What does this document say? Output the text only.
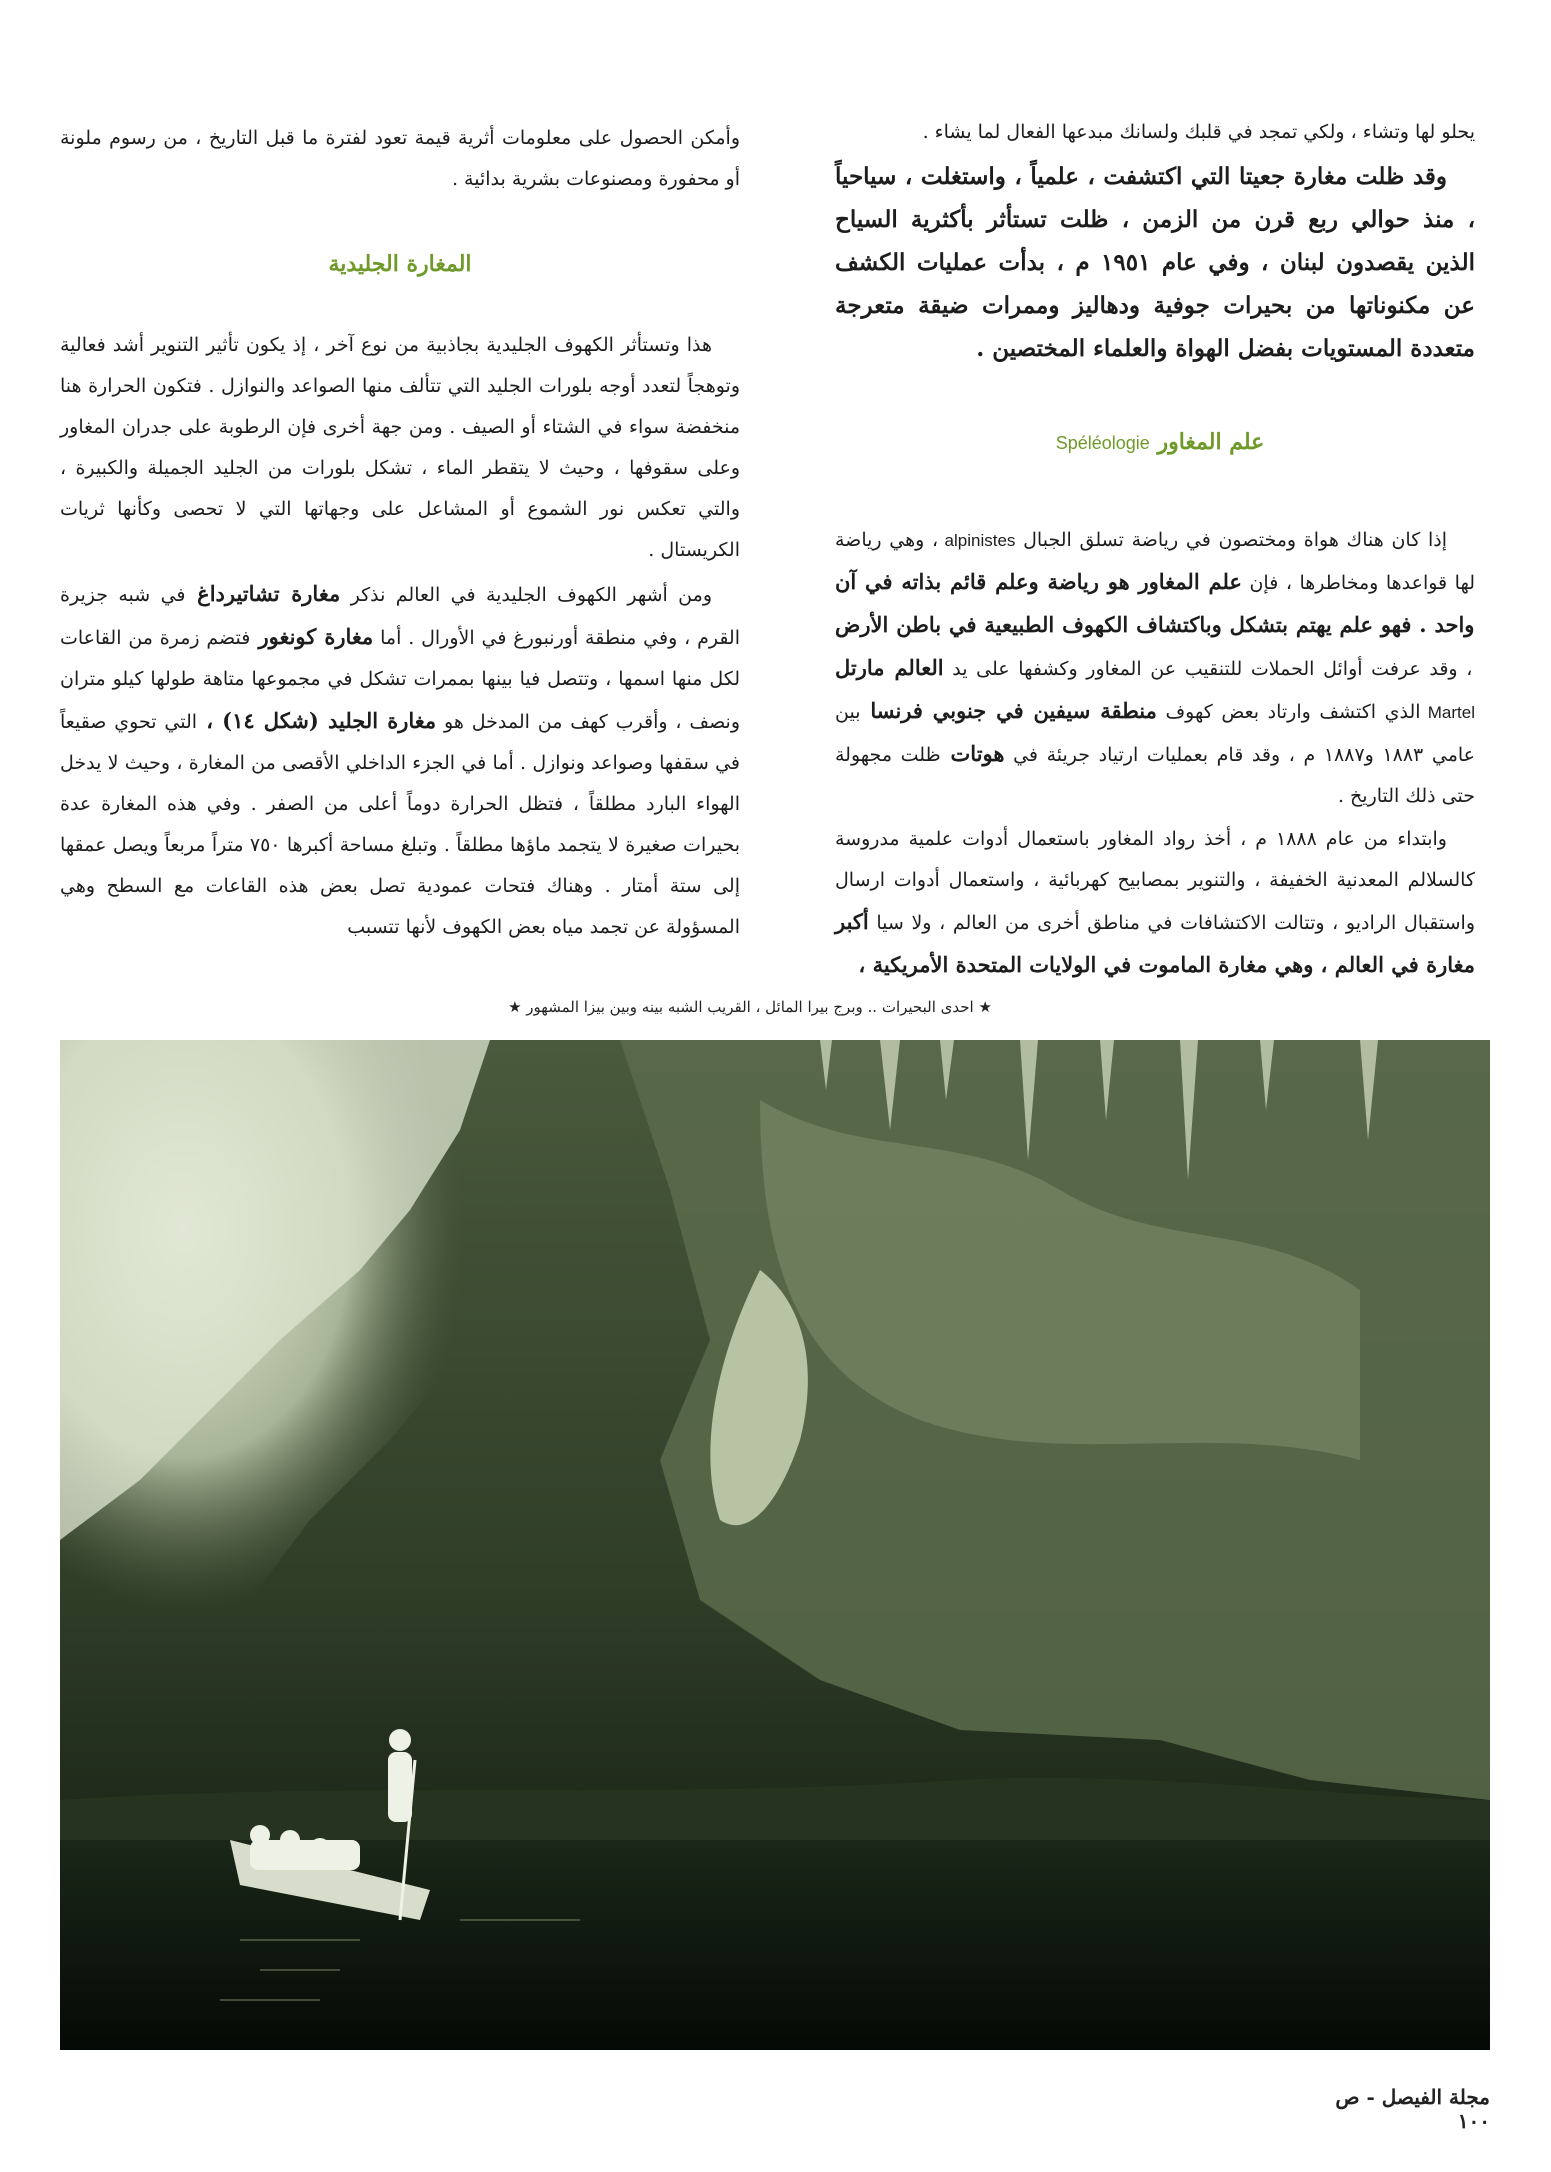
يحلو لها وتشاء ، ولكي تمجد في قلبك ولسانك مبدعها الفعال لما يشاء .

وقد ظلت مغارة جعيتا التي اكتشفت ، علمياً ، واستغلت ، سياحياً ، منذ حوالي ربع قرن من الزمن ، ظلت تستأثر بأكثرية السياح الذين يقصدون لبنان ، وفي عام ١٩٥١ م ، بدأت عمليات الكشف عن مكنوناتها من بحيرات جوفية ودهاليز وممرات ضيقة متعرجة متعددة المستويات بفضل الهواة والعلماء المختصين .

علم المغاور Spéléologie

إذا كان هناك هواة ومختصون في رياضة تسلق الجبال alpinistes ، وهي رياضة لها قواعدها ومخاطرها ، فإن علم المغاور هو رياضة وعلم قائم بذاته في آن واحد . فهو علم يهتم بتشكل وباكتشاف الكهوف الطبيعية في باطن الأرض ، وقد عرفت أوائل الحملات للتنقيب عن المغاور وكشفها على يد العالم مارتل Martel الذي اكتشف وارتاد بعض كهوف منطقة سيفين في جنوبي فرنسا بين عامي ١٨٨٣ و١٨٨٧ م ، وقد قام بعمليات ارتياد جريئة في هوتات ظلت مجهولة حتى ذلك التاريخ .

وابتداء من عام ١٨٨٨ م ، أخذ رواد المغاور باستعمال أدوات علمية مدروسة كالسلالم المعدنية الخفيفة ، والتنوير بمصابيح كهربائية ، واستعمال أدوات ارسال واستقبال الراديو ، وتتالت الاكتشافات في مناطق أخرى من العالم ، ولا سيا أكبر مغارة في العالم ، وهي مغارة الماموت في الولايات المتحدة الأمريكية ،

وأمكن الحصول على معلومات أثرية قيمة تعود لفترة ما قبل التاريخ ، من رسوم ملونة أو محفورة ومصنوعات بشرية بدائية .

المغارة الجليدية

هذا وتستأثر الكهوف الجليدية بجاذبية من نوع آخر ، إذ يكون تأثير التنوير أشد فعالية وتوهجاً لتعدد أوجه بلورات الجليد التي تتألف منها الصواعد والنوازل . فتكون الحرارة هنا منخفضة سواء في الشتاء أو الصيف . ومن جهة أخرى فإن الرطوبة على جدران المغاور وعلى سقوفها ، وحيث لا يتقطر الماء ، تشكل بلورات من الجليد الجميلة والكبيرة ، والتي تعكس نور الشموع أو المشاعل على وجهاتها التي لا تحصى وكأنها ثريات الكريستال .

ومن أشهر الكهوف الجليدية في العالم نذكر مغارة تشاتيرداغ في شبه جزيرة القرم ، وفي منطقة أورنبورغ في الأورال . أما مغارة كونغور فتضم زمرة من القاعات لكل منها اسمها ، وتتصل فيا بينها بممرات تشكل في مجموعها متاهة طولها كيلو متران ونصف ، وأقرب كهف من المدخل هو مغارة الجليد (شكل ١٤) ، التي تحوي صقيعاً في سقفها وصواعد ونوازل . أما في الجزء الداخلي الأقصى من المغارة ، وحيث لا يدخل الهواء البارد مطلقاً ، فتظل الحرارة دوماً أعلى من الصفر . وفي هذه المغارة عدة بحيرات صغيرة لا يتجمد ماؤها مطلقاً . وتبلغ مساحة أكبرها ٧٥٠ متراً مربعاً ويصل عمقها إلى ستة أمتار . وهناك فتحات عمودية تصل بعض هذه القاعات مع السطح وهي المسؤولة عن تجمد مياه بعض الكهوف لأنها تتسبب

★ احدى البحيرات .. وبرج بيرا المائل ، القريب الشبه بينه وبين بيزا المشهور ★
مجلة الفيصل - ص ١٠٠
